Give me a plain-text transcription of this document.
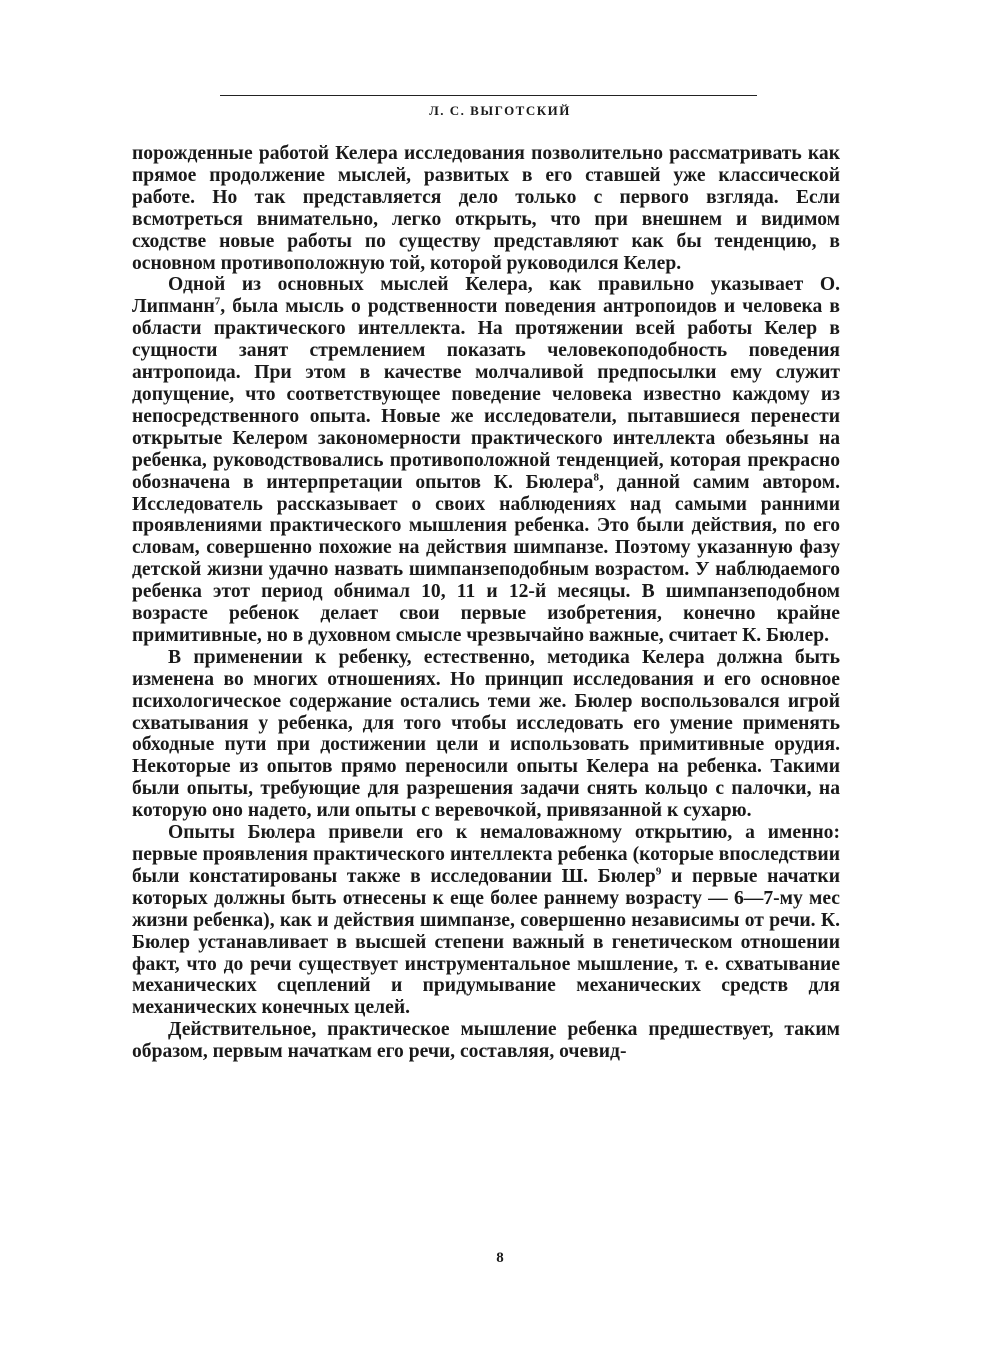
Л. С. ВЫГОТСКИЙ

порожденные работой Келера исследования позволительно рассматривать как прямое продолжение мыслей, развитых в его ставшей уже классической работе. Но так представляется дело только с первого взгляда. Если всмотреться внимательно, легко открыть, что при внешнем и видимом сходстве новые работы по существу представляют как бы тенденцию, в основном противоположную той, которой руководился Келер.

Одной из основных мыслей Келера, как правильно указывает О. Липманн$^7$, была мысль о родственности поведения антропоидов и человека в области практического интеллекта. На протяжении всей работы Келер в сущности занят стремлением показать человекоподобность поведения антропоида. При этом в качестве молчаливой предпосылки ему служит допущение, что соответствующее поведение человека известно каждому из непосредственного опыта. Новые же исследователи, пытавшиеся перенести открытые Келером закономерности практического интеллекта обезьяны на ребенка, руководствовались противоположной тенденцией, которая прекрасно обозначена в интерпретации опытов К. Бюлера$^8$, данной самим автором. Исследователь рассказывает о своих наблюдениях над самыми ранними проявлениями практического мышления ребенка. Это были действия, по его словам, совершенно похожие на действия шимпанзе. Поэтому указанную фазу детской жизни удачно назвать шимпанзеподобным возрастом. У наблюдаемого ребенка этот период обнимал 10, 11 и 12-й месяцы. В шимпанзеподобном возрасте ребенок делает свои первые изобретения, конечно крайне примитивные, но в духовном смысле чрезвычайно важные, считает К. Бюлер.

В применении к ребенку, естественно, методика Келера должна быть изменена во многих отношениях. Но принцип исследования и его основное психологическое содержание остались теми же. Бюлер воспользовался игрой схватывания у ребенка, для того чтобы исследовать его умение применять обходные пути при достижении цели и использовать примитивные орудия. Некоторые из опытов прямо переносили опыты Келера на ребенка. Такими были опыты, требующие для разрешения задачи снять кольцо с палочки, на которую оно надето, или опыты с веревочкой, привязанной к сухарю.

Опыты Бюлера привели его к немаловажному открытию, а именно: первые проявления практического интеллекта ребенка (которые впоследствии были констатированы также в исследовании Ш. Бюлер$^9$ и первые начатки которых должны быть отнесены к еще более раннему возрасту — 6—7-му мес жизни ребенка), как и действия шимпанзе, совершенно независимы от речи. К. Бюлер устанавливает в высшей степени важный в генетическом отношении факт, что до речи существует инструментальное мышление, т. е. схватывание механических сцеплений и придумывание механических средств для механических конечных целей.

Действительное, практическое мышление ребенка предшествует, таким образом, первым начаткам его речи, составляя, очевид-

8
